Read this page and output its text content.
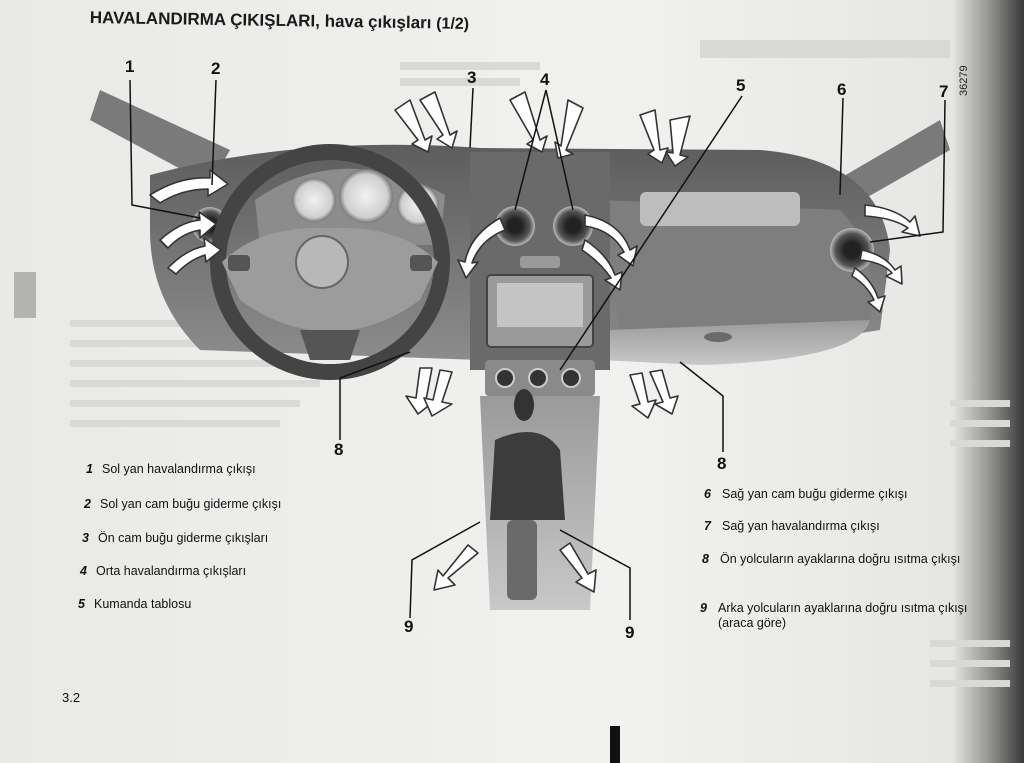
HAVALANDIRMA ÇIKIŞLARI, hava çıkışları (1/2)
36279
1	2	3	4	5	6	7
8
8
9	9
1 Sol yan havalandırma çıkışı
2 Sol yan cam buğu giderme çıkışı
3 Ön cam buğu giderme çıkışları
4 Orta havalandırma çıkışları
5 Kumanda tablosu
6 Sağ yan cam buğu giderme çıkışı
7 Sağ yan havalandırma çıkışı
8 Ön yolcuların ayaklarına doğru ısıtma çıkışı
9 Arka yolcuların ayaklarına doğru ısıtma çıkışı (araca göre)
3.2
